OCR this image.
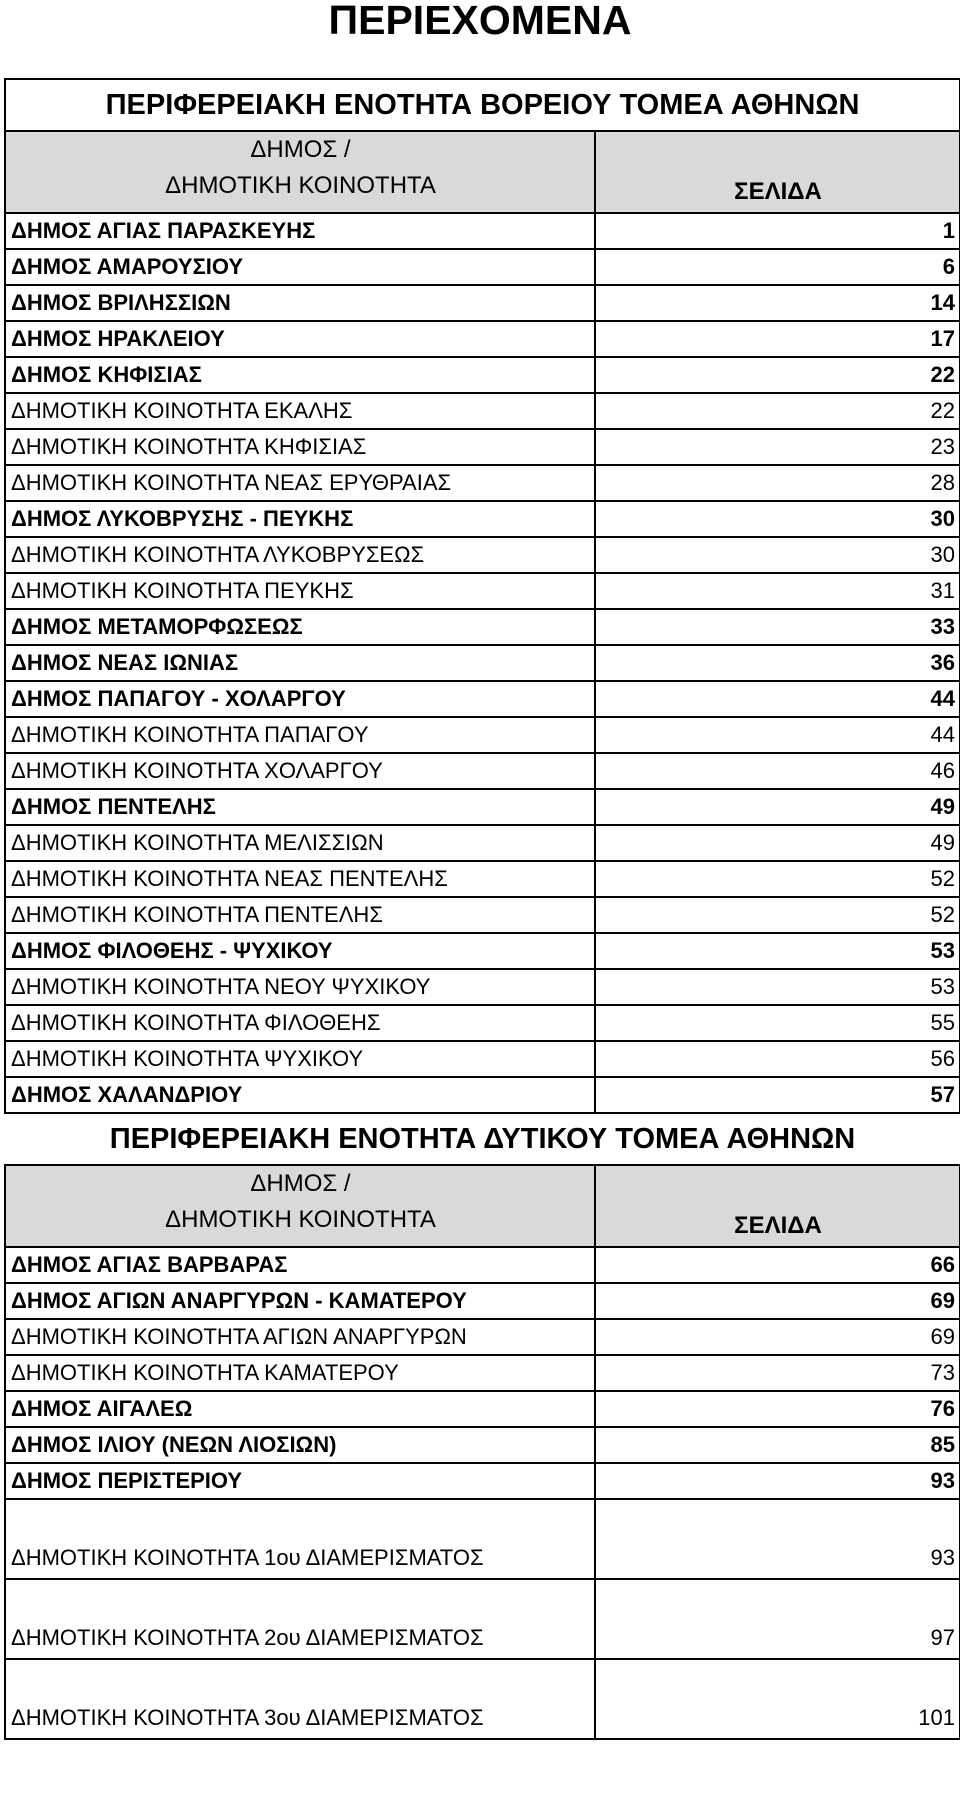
ΠΕΡΙΕΧΟΜΕΝΑ
ΠΕΡΙΦΕΡΕΙΑΚΗ ΕΝΟΤΗΤΑ ΒΟΡΕΙΟΥ ΤΟΜΕΑ ΑΘΗΝΩΝ	

ΔΗΜΟΣ /
ΔΗΜΟΤΙΚΗ ΚΟΙΝΟΤΗΤΑ	ΣΕΛΙΔΑ
ΔΗΜΟΣ ΑΓΙΑΣ ΠΑΡΑΣΚΕΥΗΣ	1
ΔΗΜΟΣ ΑΜΑΡΟΥΣΙΟΥ	6
ΔΗΜΟΣ ΒΡΙΛΗΣΣΙΩΝ	14
ΔΗΜΟΣ ΗΡΑΚΛΕΙΟΥ	17
ΔΗΜΟΣ ΚΗΦΙΣΙΑΣ	22
ΔΗΜΟΤΙΚΗ ΚΟΙΝΟΤΗΤΑ ΕΚΑΛΗΣ	22
ΔΗΜΟΤΙΚΗ ΚΟΙΝΟΤΗΤΑ ΚΗΦΙΣΙΑΣ	23
ΔΗΜΟΤΙΚΗ ΚΟΙΝΟΤΗΤΑ ΝΕΑΣ ΕΡΥΘΡΑΙΑΣ	28
ΔΗΜΟΣ ΛΥΚΟΒΡΥΣΗΣ - ΠΕΥΚΗΣ	30
ΔΗΜΟΤΙΚΗ ΚΟΙΝΟΤΗΤΑ ΛΥΚΟΒΡΥΣΕΩΣ	30
ΔΗΜΟΤΙΚΗ ΚΟΙΝΟΤΗΤΑ ΠΕΥΚΗΣ	31
ΔΗΜΟΣ ΜΕΤΑΜΟΡΦΩΣΕΩΣ	33
ΔΗΜΟΣ ΝΕΑΣ ΙΩΝΙΑΣ	36
ΔΗΜΟΣ ΠΑΠΑΓΟΥ - ΧΟΛΑΡΓΟΥ	44
ΔΗΜΟΤΙΚΗ ΚΟΙΝΟΤΗΤΑ ΠΑΠΑΓΟΥ	44
ΔΗΜΟΤΙΚΗ ΚΟΙΝΟΤΗΤΑ ΧΟΛΑΡΓΟΥ	46
ΔΗΜΟΣ ΠΕΝΤΕΛΗΣ	49
ΔΗΜΟΤΙΚΗ ΚΟΙΝΟΤΗΤΑ ΜΕΛΙΣΣΙΩΝ	49
ΔΗΜΟΤΙΚΗ ΚΟΙΝΟΤΗΤΑ ΝΕΑΣ ΠΕΝΤΕΛΗΣ	52
ΔΗΜΟΤΙΚΗ ΚΟΙΝΟΤΗΤΑ ΠΕΝΤΕΛΗΣ	52
ΔΗΜΟΣ ΦΙΛΟΘΕΗΣ - ΨΥΧΙΚΟΥ	53
ΔΗΜΟΤΙΚΗ ΚΟΙΝΟΤΗΤΑ ΝΕΟΥ ΨΥΧΙΚΟΥ	53
ΔΗΜΟΤΙΚΗ ΚΟΙΝΟΤΗΤΑ ΦΙΛΟΘΕΗΣ	55
ΔΗΜΟΤΙΚΗ ΚΟΙΝΟΤΗΤΑ ΨΥΧΙΚΟΥ	56
ΔΗΜΟΣ ΧΑΛΑΝΔΡΙΟΥ	57
ΠΕΡΙΦΕΡΕΙΑΚΗ ΕΝΟΤΗΤΑ ΔΥΤΙΚΟΥ ΤΟΜΕΑ ΑΘΗΝΩΝ	

ΔΗΜΟΣ /
ΔΗΜΟΤΙΚΗ ΚΟΙΝΟΤΗΤΑ	ΣΕΛΙΔΑ
ΔΗΜΟΣ ΑΓΙΑΣ ΒΑΡΒΑΡΑΣ	66
ΔΗΜΟΣ ΑΓΙΩΝ ΑΝΑΡΓΥΡΩΝ - ΚΑΜΑΤΕΡΟΥ	69
ΔΗΜΟΤΙΚΗ ΚΟΙΝΟΤΗΤΑ ΑΓΙΩΝ ΑΝΑΡΓΥΡΩΝ	69
ΔΗΜΟΤΙΚΗ ΚΟΙΝΟΤΗΤΑ ΚΑΜΑΤΕΡΟΥ	73
ΔΗΜΟΣ ΑΙΓΑΛΕΩ	76
ΔΗΜΟΣ ΙΛΙΟΥ (ΝΕΩΝ ΛΙΟΣΙΩΝ)	85
ΔΗΜΟΣ ΠΕΡΙΣΤΕΡΙΟΥ	93
ΔΗΜΟΤΙΚΗ ΚΟΙΝΟΤΗΤΑ 1ου ΔΙΑΜΕΡΙΣΜΑΤΟΣ	93
ΔΗΜΟΤΙΚΗ ΚΟΙΝΟΤΗΤΑ 2ου ΔΙΑΜΕΡΙΣΜΑΤΟΣ	97
ΔΗΜΟΤΙΚΗ ΚΟΙΝΟΤΗΤΑ 3ου ΔΙΑΜΕΡΙΣΜΑΤΟΣ	101
